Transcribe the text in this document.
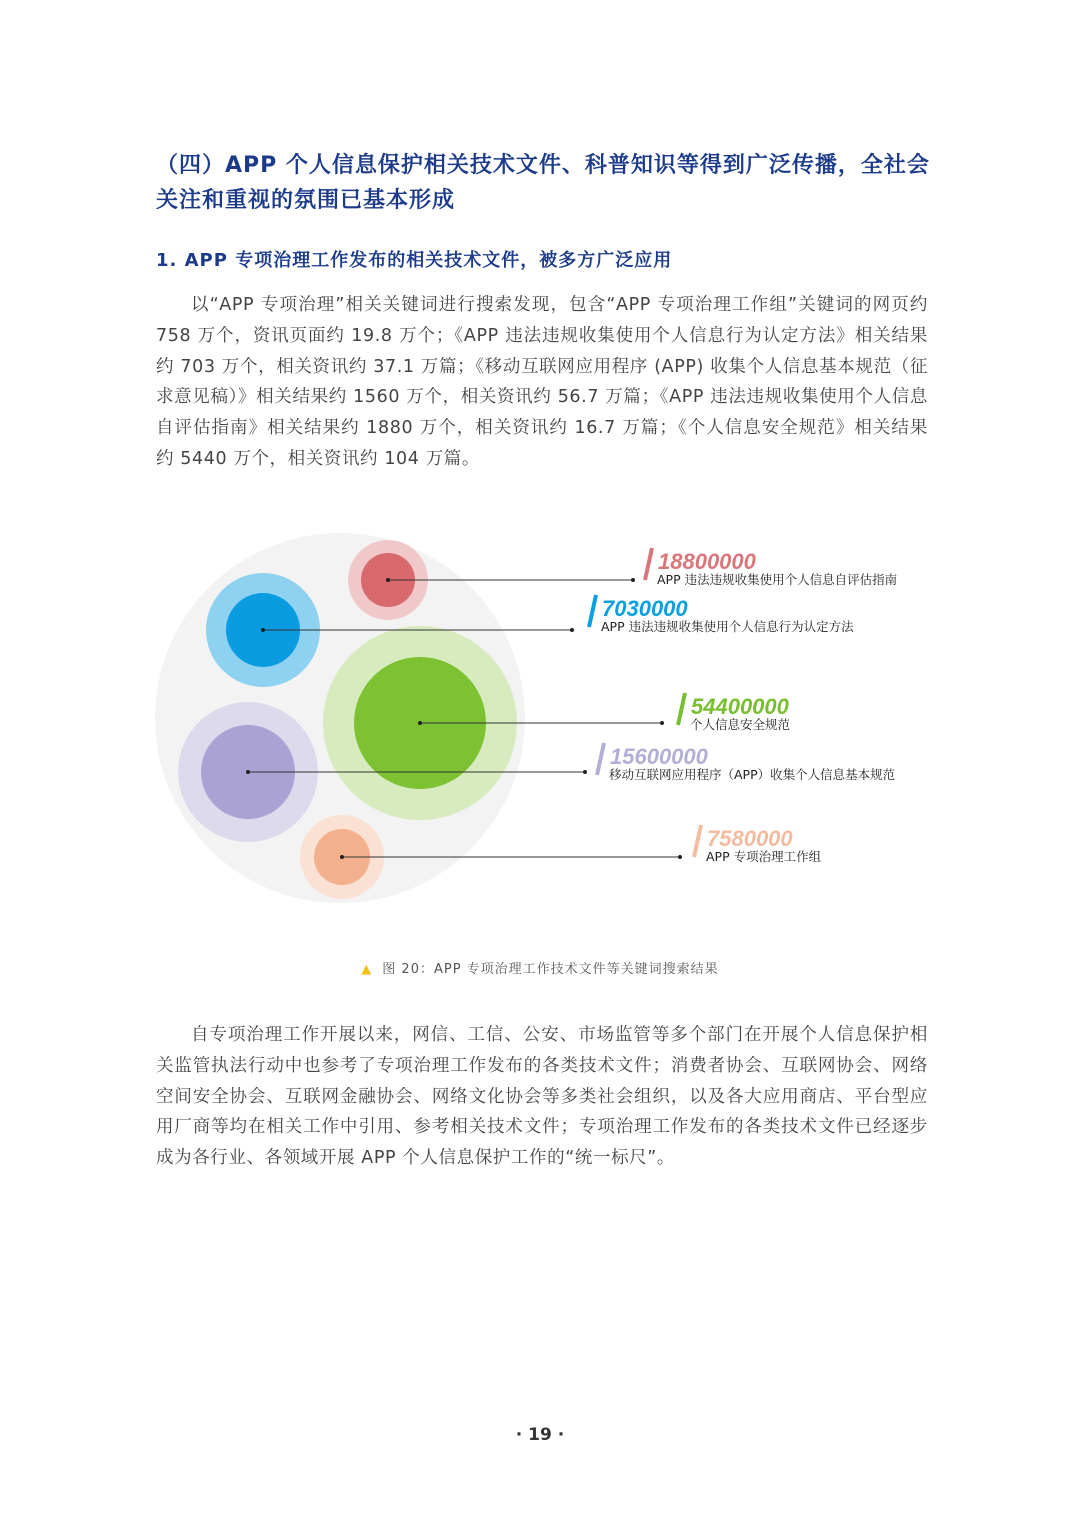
（四）APP 个人信息保护相关技术文件、科普知识等得到广泛传播，全社会关注和重视的氛围已基本形成
1. APP 专项治理工作发布的相关技术文件，被多方广泛应用
以“APP 专项治理”相关关键词进行搜索发现，包含“APP 专项治理工作组”关键词的网页约 758 万个，资讯页面约 19.8 万个；《APP 违法违规收集使用个人信息行为认定方法》相关结果约 703 万个，相关资讯约 37.1 万篇；《移动互联网应用程序 (APP) 收集个人信息基本规范（征求意见稿）》相关结果约 1560 万个，相关资讯约 56.7 万篇；《APP 违法违规收集使用个人信息自评估指南》相关结果约 1880 万个，相关资讯约 16.7 万篇；《个人信息安全规范》相关结果约 5440 万个，相关资讯约 104 万篇。
18800000
APP 违法违规收集使用个人信息自评估指南
7030000
APP 违法违规收集使用个人信息行为认定方法
54400000
个人信息安全规范
15600000
移动互联网应用程序（APP）收集个人信息基本规范
7580000
APP 专项治理工作组
▲ 图 20：APP 专项治理工作技术文件等关键词搜索结果
自专项治理工作开展以来，网信、工信、公安、市场监管等多个部门在开展个人信息保护相关监管执法行动中也参考了专项治理工作发布的各类技术文件；消费者协会、互联网协会、网络空间安全协会、互联网金融协会、网络文化协会等多类社会组织，以及各大应用商店、平台型应用厂商等均在相关工作中引用、参考相关技术文件；专项治理工作发布的各类技术文件已经逐步成为各行业、各领域开展 APP 个人信息保护工作的“统一标尺”。
· 19 ·
